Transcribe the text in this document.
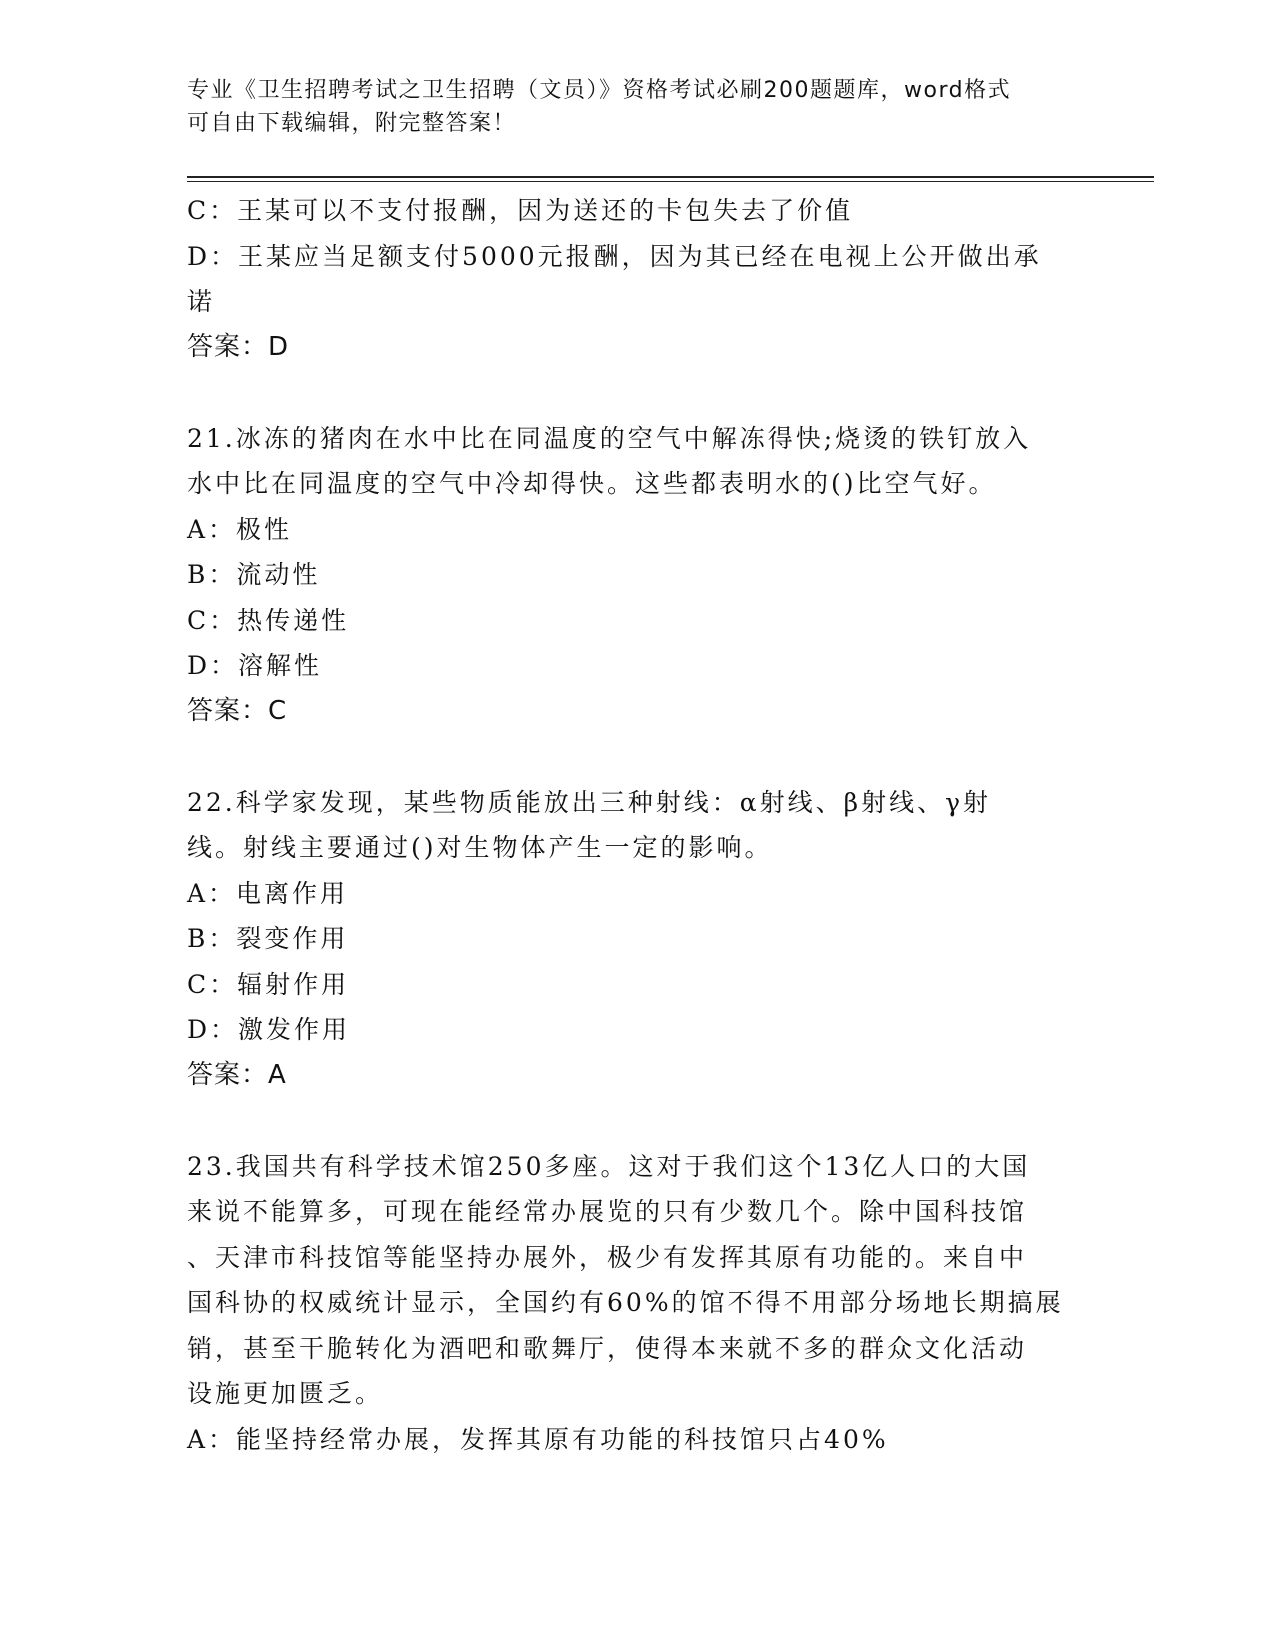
专业《卫生招聘考试之卫生招聘（文员）》资格考试必刷200题题库，word格式
可自由下载编辑，附完整答案！
C：王某可以不支付报酬，因为送还的卡包失去了价值
D：王某应当足额支付5000元报酬，因为其已经在电视上公开做出承
诺
答案：D
21.冰冻的猪肉在水中比在同温度的空气中解冻得快;烧烫的铁钉放入
水中比在同温度的空气中冷却得快。这些都表明水的()比空气好。
A：极性
B：流动性
C：热传递性
D：溶解性
答案：C
22.科学家发现，某些物质能放出三种射线：α射线、β射线、γ射
线。射线主要通过()对生物体产生一定的影响。
A：电离作用
B：裂变作用
C：辐射作用
D：激发作用
答案：A
23.我国共有科学技术馆250多座。这对于我们这个13亿人口的大国
来说不能算多，可现在能经常办展览的只有少数几个。除中国科技馆
、天津市科技馆等能坚持办展外，极少有发挥其原有功能的。来自中
国科协的权威统计显示，全国约有60%的馆不得不用部分场地长期搞展
销，甚至干脆转化为酒吧和歌舞厅，使得本来就不多的群众文化活动
设施更加匮乏。
A：能坚持经常办展，发挥其原有功能的科技馆只占40%
